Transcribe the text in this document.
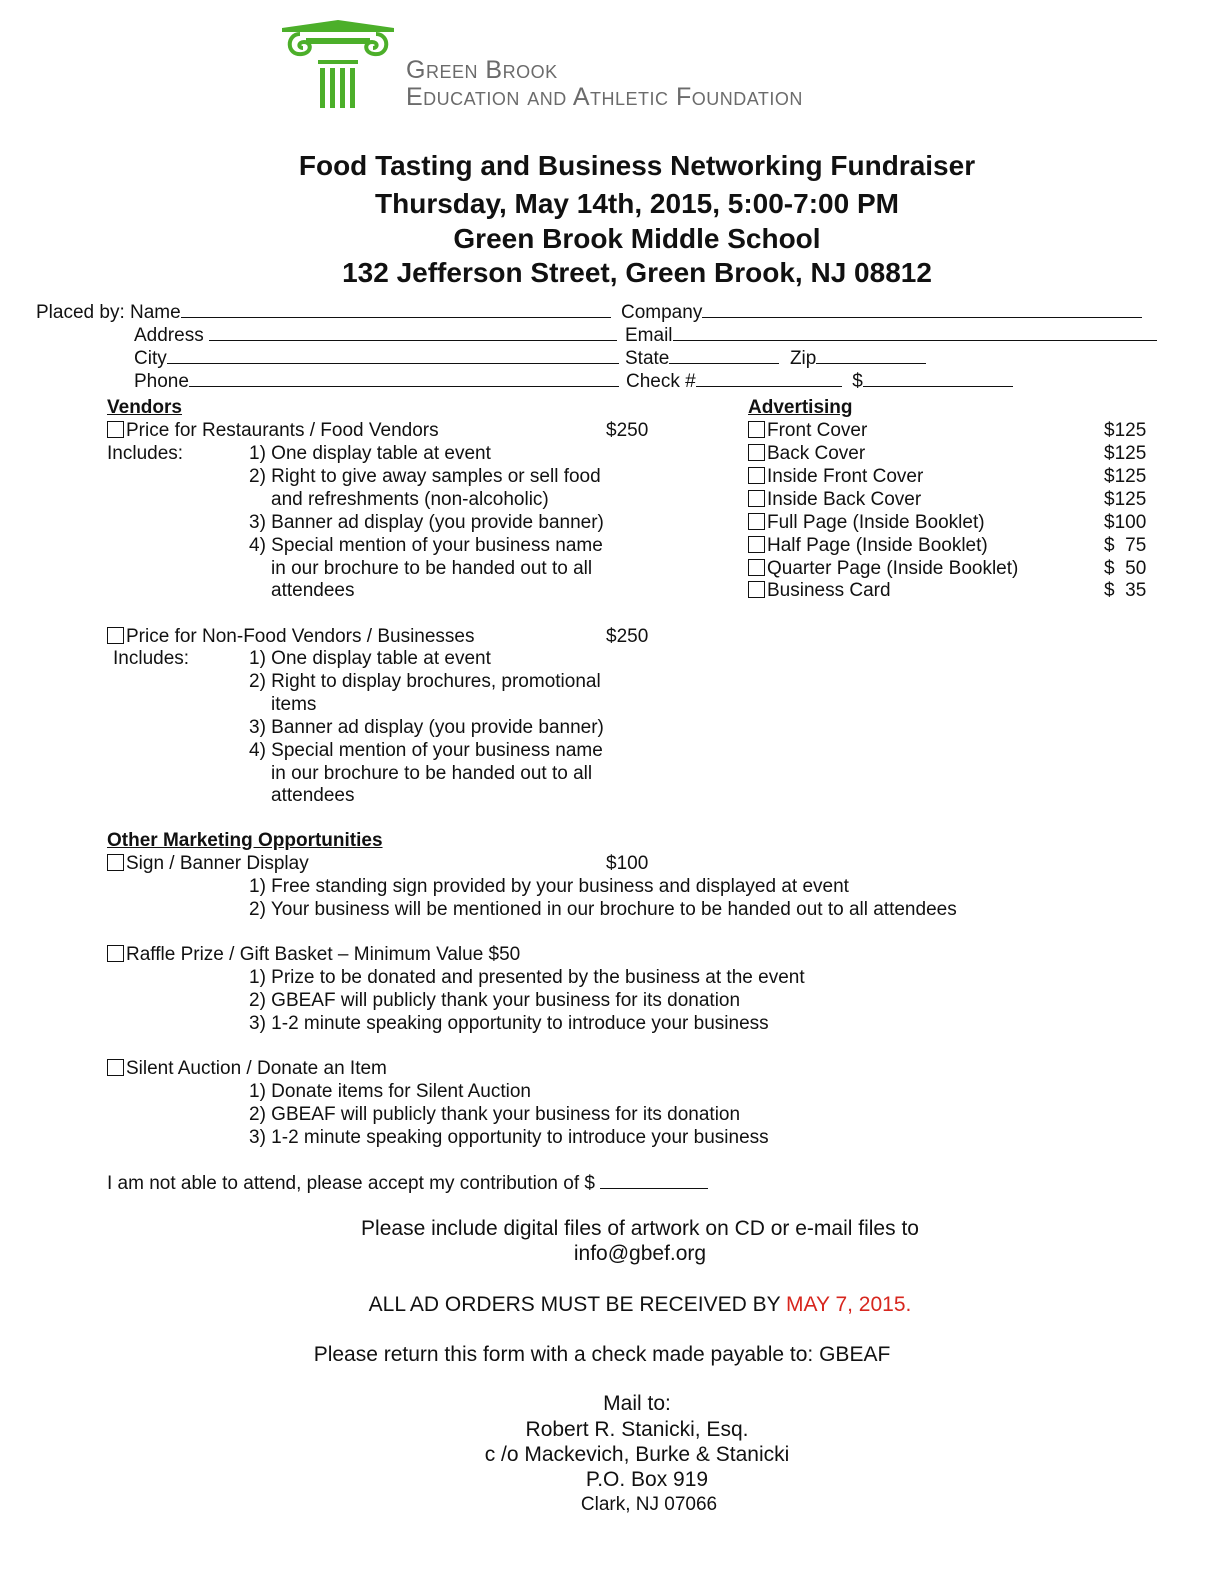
Green Brook
Education and Athletic Foundation
Food Tasting and Business Networking Fundraiser
Thursday, May 14th, 2015, 5:00-7:00 PM
Green Brook Middle School
132 Jefferson Street, Green Brook, NJ 08812
Placed by: Name	Company
Address	Email
City	State	Zip
Phone	Check #	$
Vendors
Price for Restaurants / Food Vendors	$250
Includes:	1) One display table at event
2) Right to give away samples or sell food
and refreshments (non-alcoholic)
3) Banner ad display (you provide banner)
4) Special mention of your business name
in our brochure to be handed out to all
attendees
Price for Non-Food Vendors / Businesses	$250
Includes:	1) One display table at event
2) Right to display brochures, promotional
items
3) Banner ad display (you provide banner)
4) Special mention of your business name
in our brochure to be handed out to all
attendees
Advertising
Front Cover	$125
Back Cover	$125
Inside Front Cover	$125
Inside Back Cover	$125
Full Page (Inside Booklet)	$100
Half Page (Inside Booklet)	$  75
Quarter Page (Inside Booklet)	$  50
Business Card	$  35
Other Marketing Opportunities
Sign / Banner Display	$100
1) Free standing sign provided by your business and displayed at event
2) Your business will be mentioned in our brochure to be handed out to all attendees
Raffle Prize / Gift Basket – Minimum Value $50
1) Prize to be donated and presented by the business at the event
2) GBEAF will publicly thank your business for its donation
3) 1-2 minute speaking opportunity to introduce your business
Silent Auction / Donate an Item
1) Donate items for Silent Auction
2) GBEAF will publicly thank your business for its donation
3) 1-2 minute speaking opportunity to introduce your business
I am not able to attend, please accept my contribution of $
Please include digital files of artwork on CD or e-mail files to
info@gbef.org
ALL AD ORDERS MUST BE RECEIVED BY MAY 7, 2015.
Please return this form with a check made payable to: GBEAF
Mail to:
Robert R. Stanicki, Esq.
c /o Mackevich, Burke & Stanicki
P.O. Box 919
Clark, NJ 07066
